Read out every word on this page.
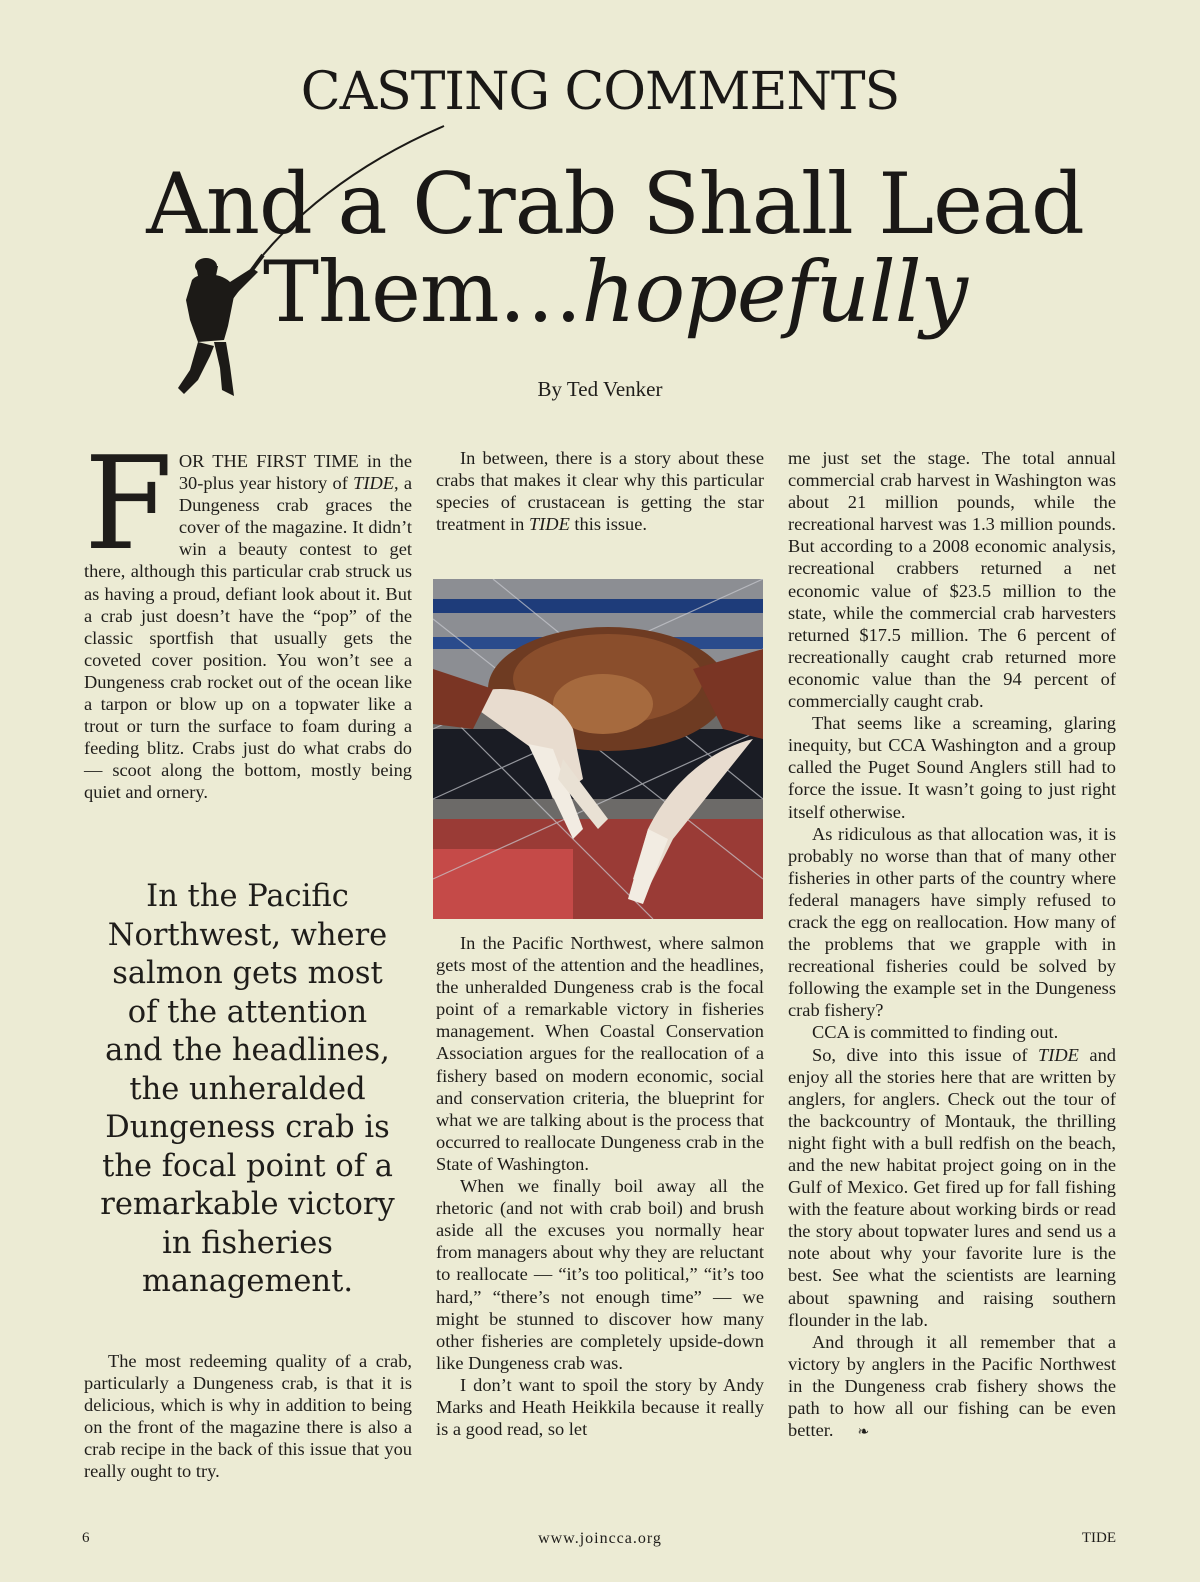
CASTING COMMENTS
And a Crab Shall Lead
Them…hopefully
By Ted Venker

FOR THE FIRST TIME in the 30-plus year history of TIDE, a Dungeness crab graces the cover of the magazine. It didn’t win a beauty contest to get there, although this particular crab struck us as having a proud, defiant look about it. But a crab just doesn’t have the “pop” of the classic sportfish that usually gets the coveted cover position. You won’t see a Dungeness crab rocket out of the ocean like a tarpon or blow up on a topwater like a trout or turn the surface to foam during a feeding blitz. Crabs just do what crabs do — scoot along the bottom, mostly being quiet and ornery.

In the Pacific Northwest, where salmon gets most of the attention and the headlines, the unheralded Dungeness crab is the focal point of a remarkable victory in fisheries management.

The most redeeming quality of a crab, particularly a Dungeness crab, is that it is delicious, which is why in addition to being on the front of the magazine there is also a crab recipe in the back of this issue that you really ought to try.

In between, there is a story about these crabs that makes it clear why this particular species of crustacean is getting the star treatment in TIDE this issue.

In the Pacific Northwest, where salmon gets most of the attention and the headlines, the unheralded Dungeness crab is the focal point of a remarkable victory in fisheries management. When Coastal Conservation Association argues for the reallocation of a fishery based on modern economic, social and conservation criteria, the blueprint for what we are talking about is the process that occurred to reallocate Dungeness crab in the State of Washington.

When we finally boil away all the rhetoric (and not with crab boil) and brush aside all the excuses you normally hear from managers about why they are reluctant to reallocate — “it’s too political,” “it’s too hard,” “there’s not enough time” — we might be stunned to discover how many other fisheries are completely upside-down like Dungeness crab was.

I don’t want to spoil the story by Andy Marks and Heath Heikkila because it really is a good read, so let

me just set the stage. The total annual commercial crab harvest in Washington was about 21 million pounds, while the recreational harvest was 1.3 million pounds. But according to a 2008 economic analysis, recreational crabbers returned a net economic value of $23.5 million to the state, while the commercial crab harvesters returned $17.5 million. The 6 percent of recreationally caught crab returned more economic value than the 94 percent of commercially caught crab.

That seems like a screaming, glaring inequity, but CCA Washington and a group called the Puget Sound Anglers still had to force the issue. It wasn’t going to just right itself otherwise.

As ridiculous as that allocation was, it is probably no worse than that of many other fisheries in other parts of the country where federal managers have simply refused to crack the egg on reallocation. How many of the problems that we grapple with in recreational fisheries could be solved by following the example set in the Dungeness crab fishery?

CCA is committed to finding out.

So, dive into this issue of TIDE and enjoy all the stories here that are written by anglers, for anglers. Check out the tour of the backcountry of Montauk, the thrilling night fight with a bull redfish on the beach, and the new habitat project going on in the Gulf of Mexico. Get fired up for fall fishing with the feature about working birds or read the story about topwater lures and send us a note about why your favorite lure is the best. See what the scientists are learning about spawning and raising southern flounder in the lab.

And through it all remember that a victory by anglers in the Pacific Northwest in the Dungeness crab fishery shows the path to how all our fishing can be even better. ❧

6	www.joincca.org	TIDE
